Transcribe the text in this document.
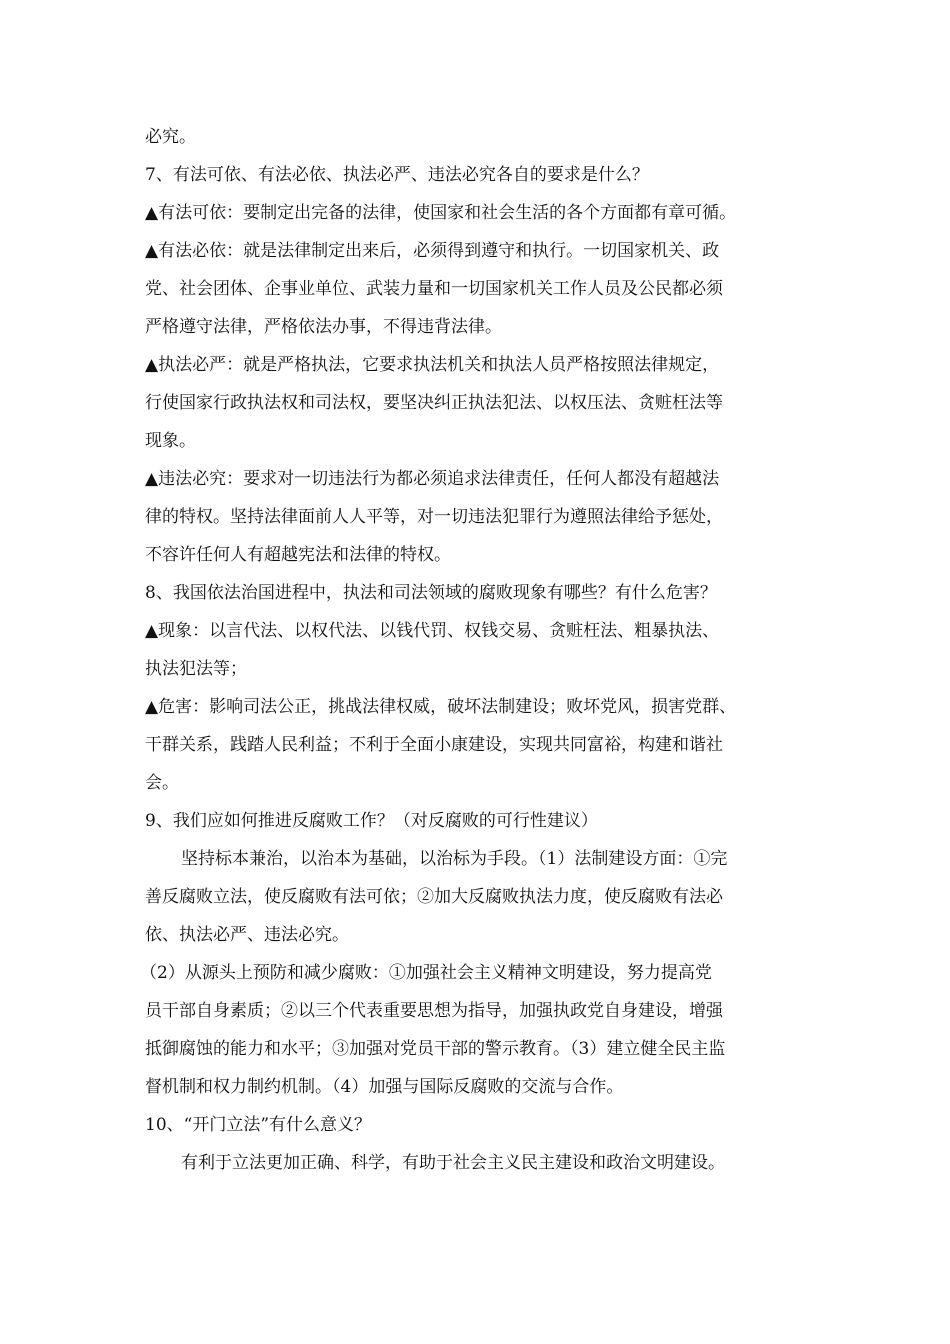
必究。
7、有法可依、有法必依、执法必严、违法必究各自的要求是什么？
▲有法可依：要制定出完备的法律，使国家和社会生活的各个方面都有章可循。
▲有法必依：就是法律制定出来后，必须得到遵守和执行。一切国家机关、政
党、社会团体、企事业单位、武装力量和一切国家机关工作人员及公民都必须
严格遵守法律，严格依法办事，不得违背法律。
▲执法必严：就是严格执法，它要求执法机关和执法人员严格按照法律规定，
行使国家行政执法权和司法权，要坚决纠正执法犯法、以权压法、贪赃枉法等
现象。
▲违法必究：要求对一切违法行为都必须追求法律责任，任何人都没有超越法
律的特权。坚持法律面前人人平等，对一切违法犯罪行为遵照法律给予惩处，
不容许任何人有超越宪法和法律的特权。
8、我国依法治国进程中，执法和司法领域的腐败现象有哪些？有什么危害？
▲现象：以言代法、以权代法、以钱代罚、权钱交易、贪赃枉法、粗暴执法、
执法犯法等；
▲危害：影响司法公正，挑战法律权威，破坏法制建设；败坏党风，损害党群、
干群关系，践踏人民利益；不利于全面小康建设，实现共同富裕，构建和谐社
会。
9、我们应如何推进反腐败工作？（对反腐败的可行性建议）
坚持标本兼治，以治本为基础，以治标为手段。（1）法制建设方面：①完
善反腐败立法，使反腐败有法可依；②加大反腐败执法力度，使反腐败有法必
依、执法必严、违法必究。
（2）从源头上预防和减少腐败：①加强社会主义精神文明建设，努力提高党
员干部自身素质；②以三个代表重要思想为指导，加强执政党自身建设，增强
抵御腐蚀的能力和水平；③加强对党员干部的警示教育。（3）建立健全民主监
督机制和权力制约机制。（4）加强与国际反腐败的交流与合作。
10、“开门立法”有什么意义？
有利于立法更加正确、科学，有助于社会主义民主建设和政治文明建设。
